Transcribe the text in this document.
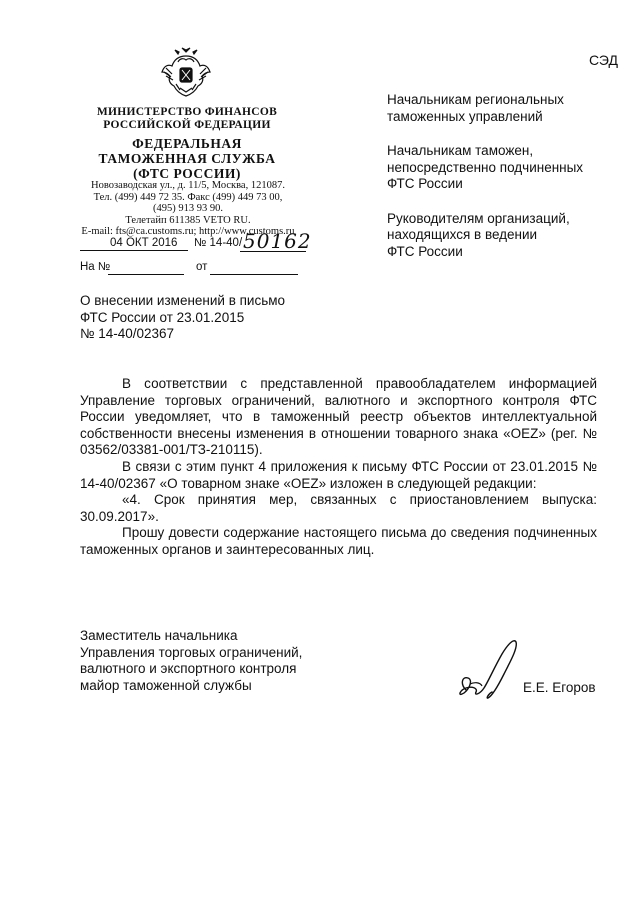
СЭД
МИНИСТЕРСТВО ФИНАНСОВ
РОССИЙСКОЙ ФЕДЕРАЦИИ
ФЕДЕРАЛЬНАЯ
ТАМОЖЕННАЯ СЛУЖБА
(ФТС РОССИИ)
Новозаводская ул., д. 11/5, Москва, 121087.
Тел. (499) 449 72 35. Факс (499) 449 73 00,
(495) 913 93 90.
Телетайп 611385 VETO RU.
E-mail: fts@ca.customs.ru; http://www.customs.ru
04 ОКТ 2016 № 14-40/ 50162
На №	от

Начальникам региональных
таможенных управлений

Начальникам таможен,
непосредственно подчиненных
ФТС России

Руководителям организаций,
находящихся в ведении
ФТС России

О внесении изменений в письмо
ФТС России от 23.01.2015
№ 14-40/02367

В соответствии с представленной правообладателем информацией Управление торговых ограничений, валютного и экспортного контроля ФТС России уведомляет, что в таможенный реестр объектов интеллектуальной собственности внесены изменения в отношении товарного знака «OEZ» (рег. № 03562/03381-001/ТЗ-210115).

В связи с этим пункт 4 приложения к письму ФТС России от 23.01.2015 № 14-40/02367 «О товарном знаке «OEZ» изложен в следующей редакции:

«4. Срок принятия мер, связанных с приостановлением выпуска: 30.09.2017».

Прошу довести содержание настоящего письма до сведения подчиненных таможенных органов и заинтересованных лиц.

Заместитель начальника
Управления торговых ограничений,
валютного и экспортного контроля
майор таможенной службы	Е.Е. Егоров
